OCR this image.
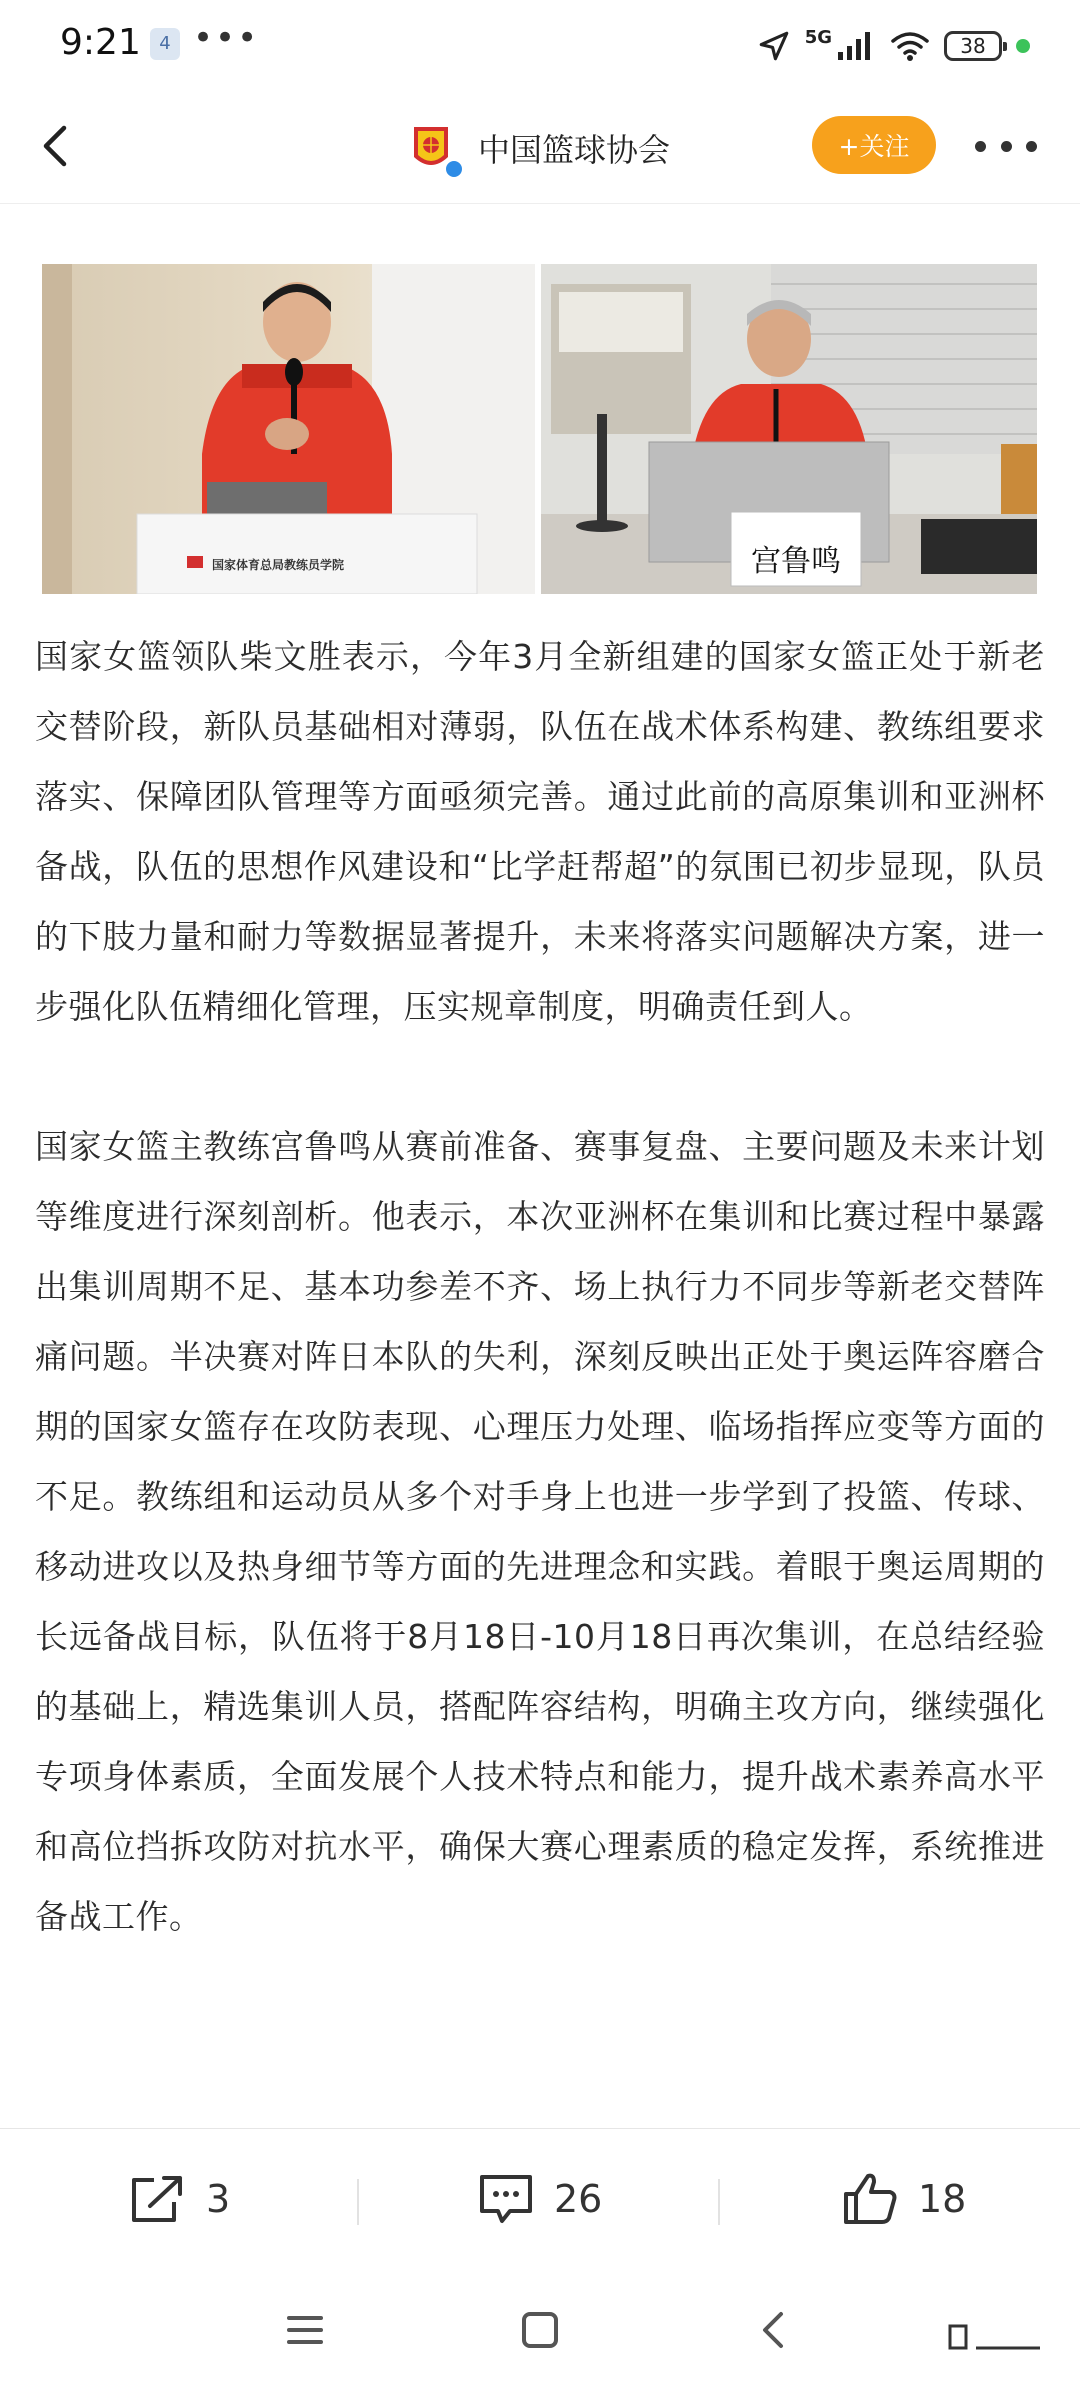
9:21	4 •••	5G	38
中国篮球协会	+关注
国家体育总局教练员学院	宫鲁鸣

国家女篮领队柴文胜表示，今年3月全新组建的国家女篮正处于新老交替阶段，新队员基础相对薄弱，队伍在战术体系构建、教练组要求落实、保障团队管理等方面亟须完善。通过此前的高原集训和亚洲杯备战，队伍的思想作风建设和“比学赶帮超”的氛围已初步显现，队员的下肢力量和耐力等数据显著提升，未来将落实问题解决方案，进一步强化队伍精细化管理，压实规章制度，明确责任到人。

国家女篮主教练宫鲁鸣从赛前准备、赛事复盘、主要问题及未来计划等维度进行深刻剖析。他表示，本次亚洲杯在集训和比赛过程中暴露出集训周期不足、基本功参差不齐、场上执行力不同步等新老交替阵痛问题。半决赛对阵日本队的失利，深刻反映出正处于奥运阵容磨合期的国家女篮存在攻防表现、心理压力处理、临场指挥应变等方面的不足。教练组和运动员从多个对手身上也进一步学到了投篮、传球、移动进攻以及热身细节等方面的先进理念和实践。着眼于奥运周期的长远备战目标，队伍将于8月18日-10月18日再次集训，在总结经验的基础上，精选集训人员，搭配阵容结构，明确主攻方向，继续强化专项身体素质，全面发展个人技术特点和能力，提升战术素养高水平和高位挡拆攻防对抗水平，确保大赛心理素质的稳定发挥，系统推进备战工作。

3	26	18
